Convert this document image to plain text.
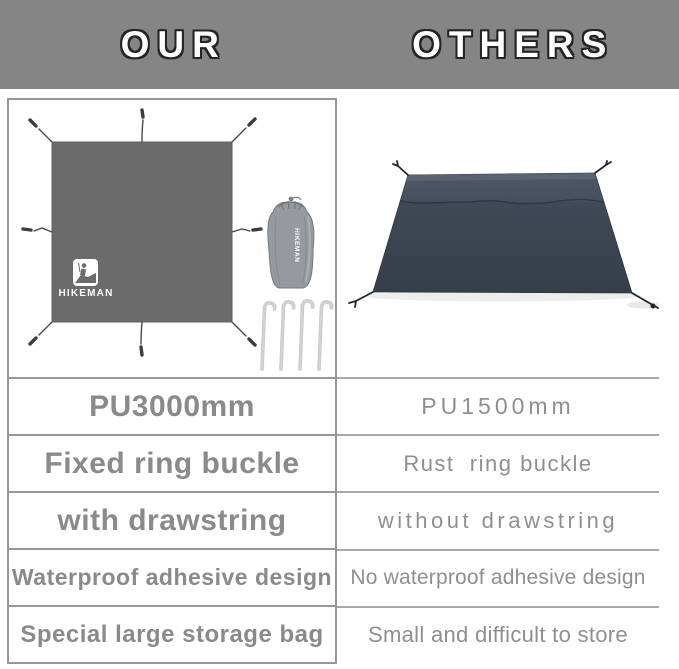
OUR	OTHERS
HIKEMAN
HIKEMAN
PU3000mm
Fixed ring buckle
with drawstring
Waterproof adhesive design
Special large storage bag
PU1500mm
Rust  ring buckle
without drawstring
No waterproof adhesive design
Small and difficult to store
